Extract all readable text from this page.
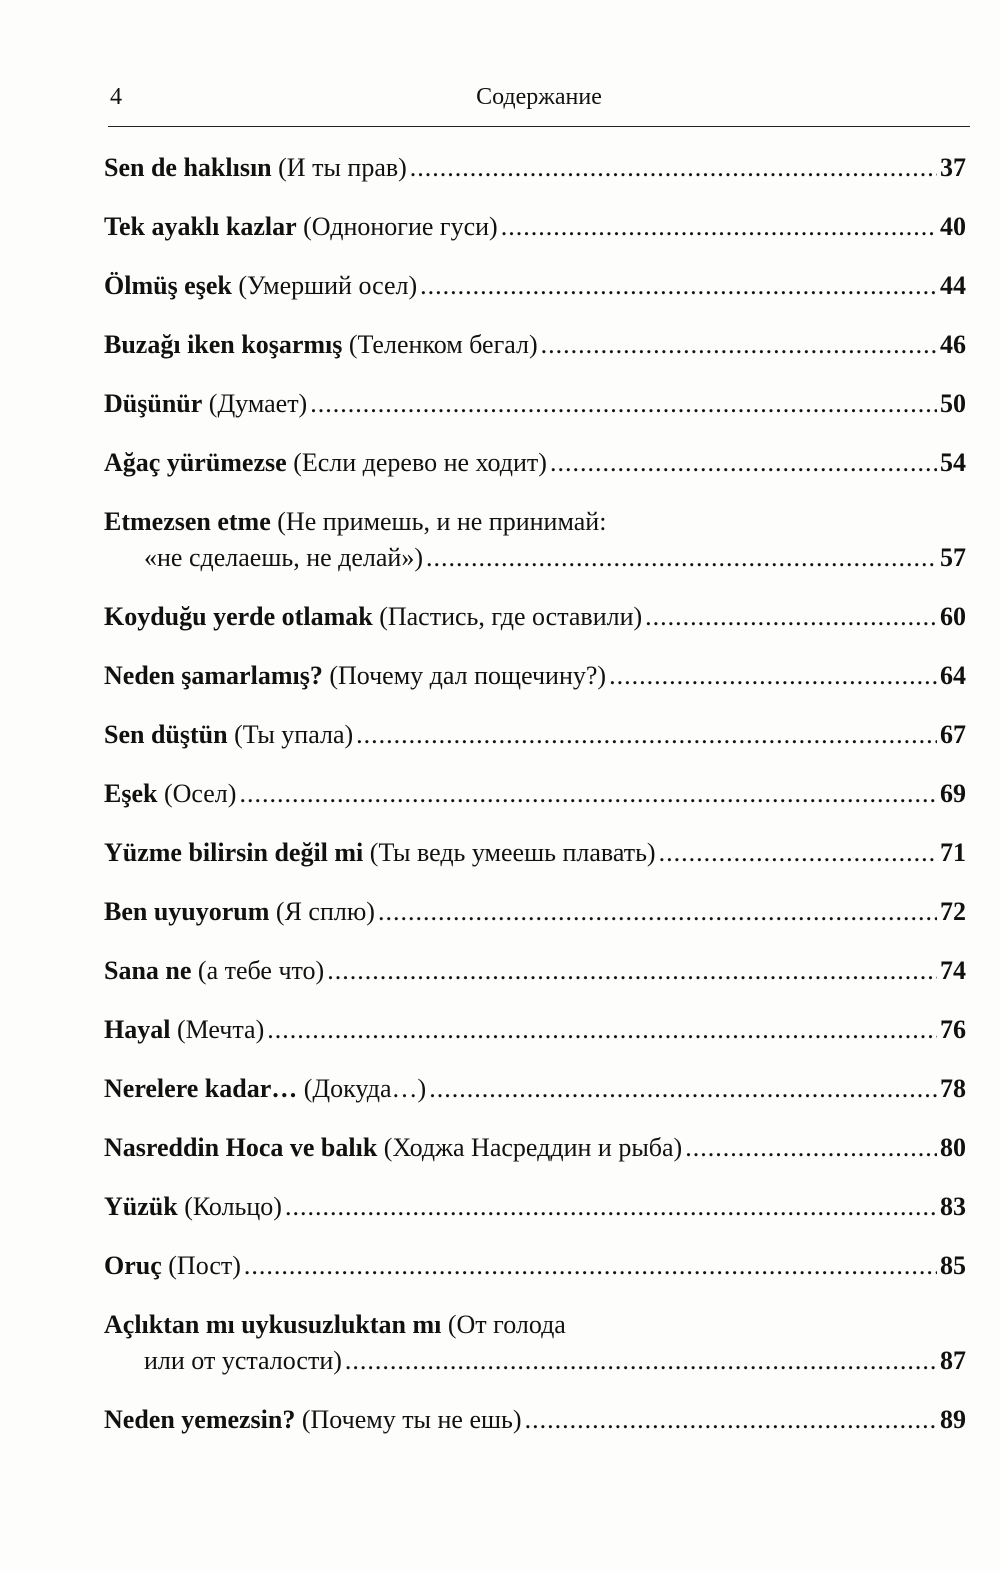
4	Содержание
Sen de haklısın
(И ты прав) .....	37
Tek ayaklı kazlar
(Одноногие гуси) .....	40
Ölmüş eşek
(Умерший осел) .....	44
Buzağı iken koşarmış
(Теленком бегал) .....	46
Düşünür
(Думает) .....	50
Ağaç yürümezse
(Если дерево не ходит) .....	54
Etmezsen etme (Не примешь, и не принимай:
«не сделаешь, не делай») .....	57
Koyduğu yerde otlamak
(Пастись, где оставили) .....	60
Neden şamarlamış?
(Почему дал пощечину?) .....	64
Sen düştün
(Ты упала) .....	67
Eşek
(Осел) .....	69
Yüzme bilirsin değil mi
(Ты ведь умеешь плавать) .....	71
Ben uyuyorum
(Я сплю) .....	72
Sana ne
(а тебе что) .....	74
Hayal
(Мечта) .....	76
Nerelere kadar…
(Докуда…) .....	78
Nasreddin Hoca ve balık
(Ходжа Насреддин и рыба) .....	80
Yüzük
(Кольцо) .....	83
Oruç
(Пост) .....	85
Açlıktan mı uykusuzluktan mı (От голода
или от усталости) .....	87
Neden yemezsin?
(Почему ты не ешь) .....	89
